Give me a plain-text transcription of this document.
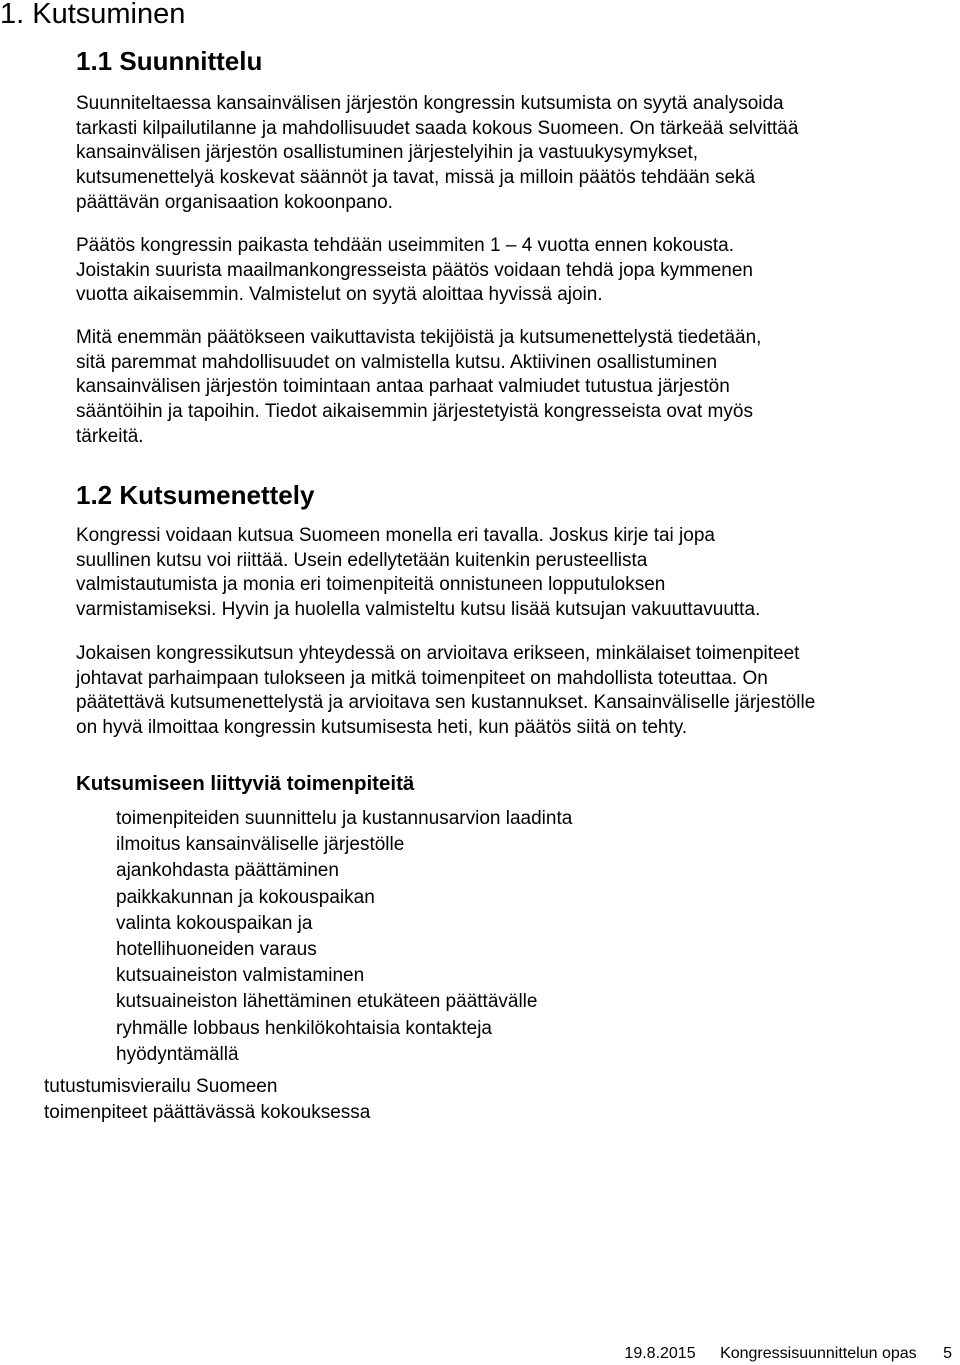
1. Kutsuminen
1.1 Suunnittelu

Suunniteltaessa kansainvälisen järjestön kongressin kutsumista on syytä analysoida
tarkasti kilpailutilanne ja mahdollisuudet saada kokous Suomeen. On tärkeää selvittää
kansainvälisen järjestön osallistuminen järjestelyihin ja vastuukysymykset,
kutsumenettelyä koskevat säännöt ja tavat, missä ja milloin päätös tehdään sekä
päättävän organisaation kokoonpano.

Päätös kongressin paikasta tehdään useimmiten 1 – 4 vuotta ennen kokousta.
Joistakin suurista maailmankongresseista päätös voidaan tehdä jopa kymmenen
vuotta aikaisemmin. Valmistelut on syytä aloittaa hyvissä ajoin.

Mitä enemmän päätökseen vaikuttavista tekijöistä ja kutsumenettelystä tiedetään,
sitä paremmat mahdollisuudet on valmistella kutsu. Aktiivinen osallistuminen
kansainvälisen järjestön toimintaan antaa parhaat valmiudet tutustua järjestön
sääntöihin ja tapoihin. Tiedot aikaisemmin järjestetyistä kongresseista ovat myös
tärkeitä.

1.2 Kutsumenettely

Kongressi voidaan kutsua Suomeen monella eri tavalla. Joskus kirje tai jopa
suullinen kutsu voi riittää. Usein edellytetään kuitenkin perusteellista
valmistautumista ja monia eri toimenpiteitä onnistuneen lopputuloksen
varmistamiseksi. Hyvin ja huolella valmisteltu kutsu lisää kutsujan vakuuttavuutta.

Jokaisen kongressikutsun yhteydessä on arvioitava erikseen, minkälaiset toimenpiteet
johtavat parhaimpaan tulokseen ja mitkä toimenpiteet on mahdollista toteuttaa. On
päätettävä kutsumenettelystä ja arvioitava sen kustannukset. Kansainväliselle järjestölle
on hyvä ilmoittaa kongressin kutsumisesta heti, kun päätös siitä on tehty.

Kutsumiseen liittyviä toimenpiteitä
toimenpiteiden suunnittelu ja kustannusarvion laadinta
ilmoitus kansainväliselle järjestölle
ajankohdasta päättäminen
paikkakunnan ja kokouspaikan
valinta kokouspaikan ja
hotellihuoneiden varaus
kutsuaineiston valmistaminen
kutsuaineiston lähettäminen etukäteen päättävälle
ryhmälle lobbaus henkilökohtaisia kontakteja
hyödyntämällä
tutustumisvierailu Suomeen
toimenpiteet päättävässä kokouksessa
19.8.2015 Kongressisuunnittelun opas 5
